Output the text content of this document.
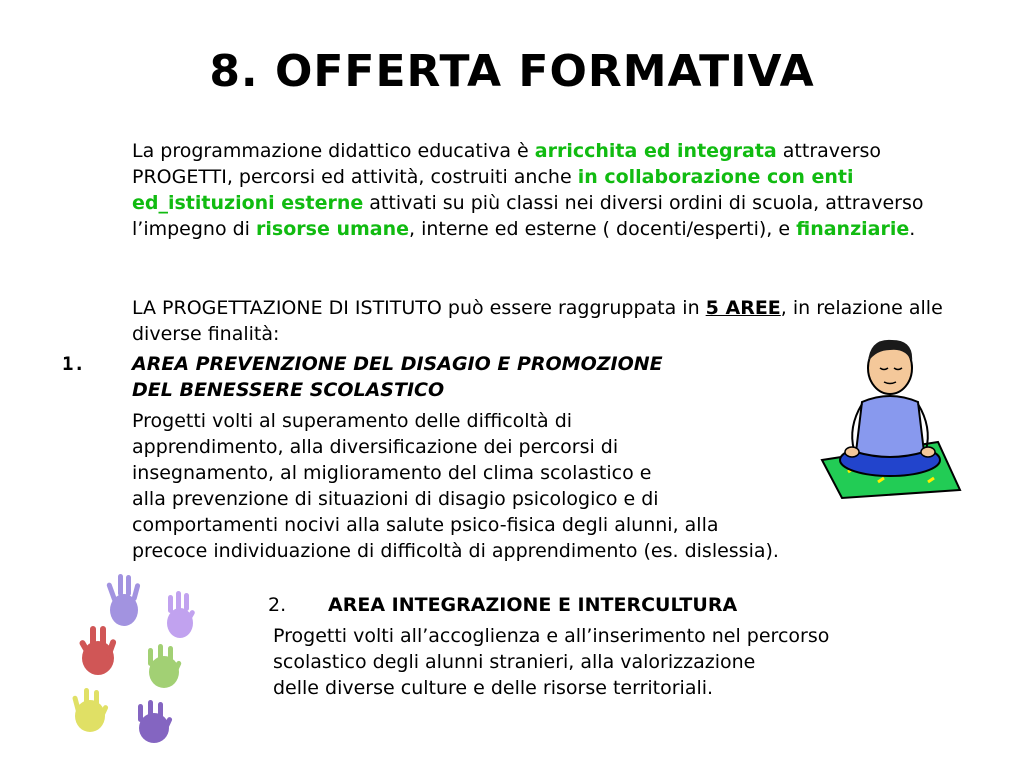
8. OFFERTA FORMATIVA

La programmazione didattico educativa è arricchita ed integrata attraverso PROGETTI, percorsi ed attività, costruiti anche in collaborazione con enti ed_istituzioni esterne attivati su più classi nei diversi ordini di scuola, attraverso l’impegno di risorse umane, interne ed esterne ( docenti/esperti), e finanziarie.

LA PROGETTAZIONE DI ISTITUTO può essere raggruppata in 5 AREE, in relazione alle diverse finalità:

1. AREA PREVENZIONE DEL DISAGIO E PROMOZIONE
DEL BENESSERE SCOLASTICO
Progetti volti al superamento delle difficoltà di
apprendimento, alla diversificazione dei percorsi di
insegnamento, al miglioramento del clima scolastico e
alla prevenzione di situazioni di disagio psicologico e di
comportamenti nocivi alla salute psico-fisica degli alunni, alla
precoce individuazione di difficoltà di apprendimento (es. dislessia).
2. AREA INTEGRAZIONE E INTERCULTURA
Progetti volti all’accoglienza e all’inserimento nel percorso
scolastico degli alunni stranieri, alla valorizzazione
delle diverse culture e delle risorse territoriali.
